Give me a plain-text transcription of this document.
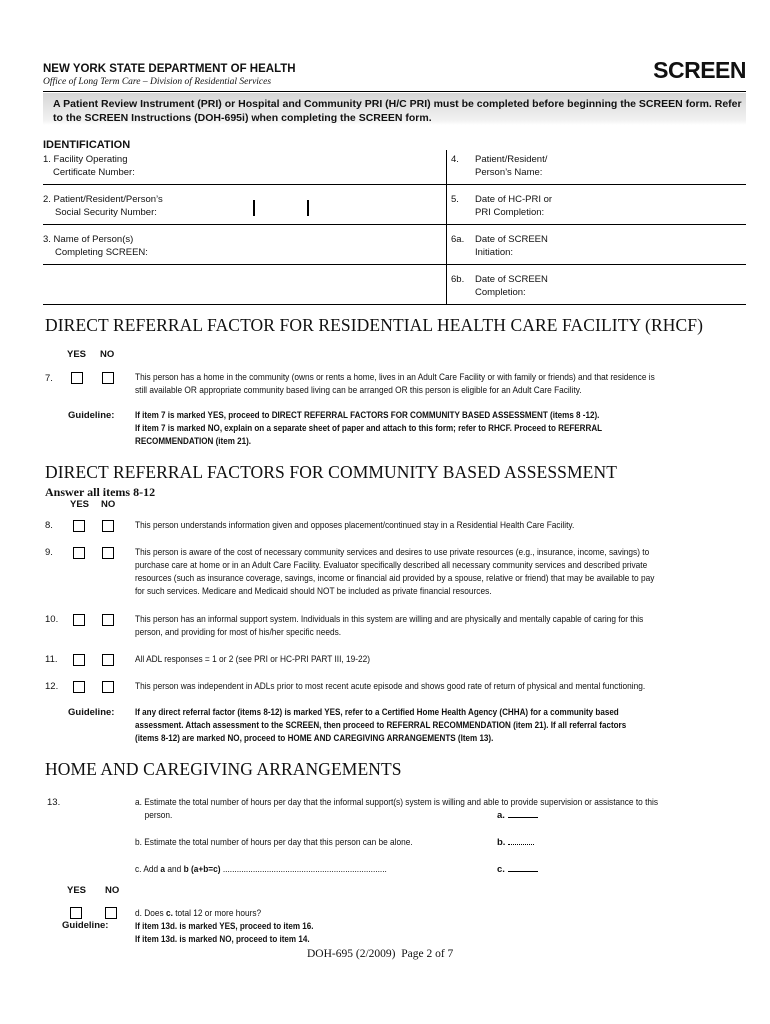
NEW YORK STATE DEPARTMENT OF HEALTH
Office of Long Term Care – Division of Residential Services	SCREEN
A Patient Review Instrument (PRI) or Hospital and Community PRI (H/C PRI) must be completed before beginning the SCREEN form. Refer
to the SCREEN Instructions (DOH-695i) when completing the SCREEN form.
IDENTIFICATION
1. Facility Operating
Certificate Number:
2. Patient/Resident/Person’s
Social Security Number:
3. Name of Person(s)
Completing SCREEN:
4. Patient/Resident/
Person’s Name:
5. Date of HC-PRI or
PRI Completion:
6a. Date of SCREEN
Initiation:
6b. Date of SCREEN
Completion:
DIRECT REFERRAL FACTOR FOR RESIDENTIAL HEALTH CARE FACILITY (RHCF)
YES NO
7.	This person has a home in the community (owns or rents a home, lives in an Adult Care Facility or with family or friends) and that residence is
still available OR appropriate community based living can be arranged OR this person is eligible for an Adult Care Facility.
Guideline: If item 7 is marked YES, proceed to DIRECT REFERRAL FACTORS FOR COMMUNITY BASED ASSESSMENT (items 8 -12).
If item 7 is marked NO, explain on a separate sheet of paper and attach to this form; refer to RHCF. Proceed to REFERRAL
RECOMMENDATION (item 21).
DIRECT REFERRAL FACTORS FOR COMMUNITY BASED ASSESSMENT
Answer all items 8-12
YES NO
8.	This person understands information given and opposes placement/continued stay in a Residential Health Care Facility.
9.	This person is aware of the cost of necessary community services and desires to use private resources (e.g., insurance, income, savings) to
purchase care at home or in an Adult Care Facility. Evaluator specifically described all necessary community services and described private
resources (such as insurance coverage, savings, income or financial aid provided by a spouse, relative or friend) that may be available to pay
for such services. Medicare and Medicaid should NOT be included as private financial resources.
10.	This person has an informal support system. Individuals in this system are willing and are physically and mentally capable of caring for this
person, and providing for most of his/her specific needs.
11.	All ADL responses = 1 or 2 (see PRI or HC-PRI PART III, 19-22)
12.	This person was independent in ADLs prior to most recent acute episode and shows good rate of return of physical and mental functioning.
Guideline: If any direct referral factor (items 8-12) is marked YES, refer to a Certified Home Health Agency (CHHA) for a community based
assessment. Attach assessment to the SCREEN, then proceed to REFERRAL RECOMMENDATION (item 21). If all referral factors
(items 8-12) are marked NO, proceed to HOME AND CAREGIVING ARRANGEMENTS (Item 13).
HOME AND CAREGIVING ARRANGEMENTS
13.	a. Estimate the total number of hours per day that the informal support(s) system is willing and able to provide supervision or assistance to this
person.	a.
b. Estimate the total number of hours per day that this person can be alone.	b.
c. Add a and b (a+b=c) .......................................................................	c.
YES NO
d. Does c. total 12 or more hours?
Guideline:	If item 13d. is marked YES, proceed to item 16.
If item 13d. is marked NO, proceed to item 14.
DOH-695 (2/2009)  Page 2 of 7
